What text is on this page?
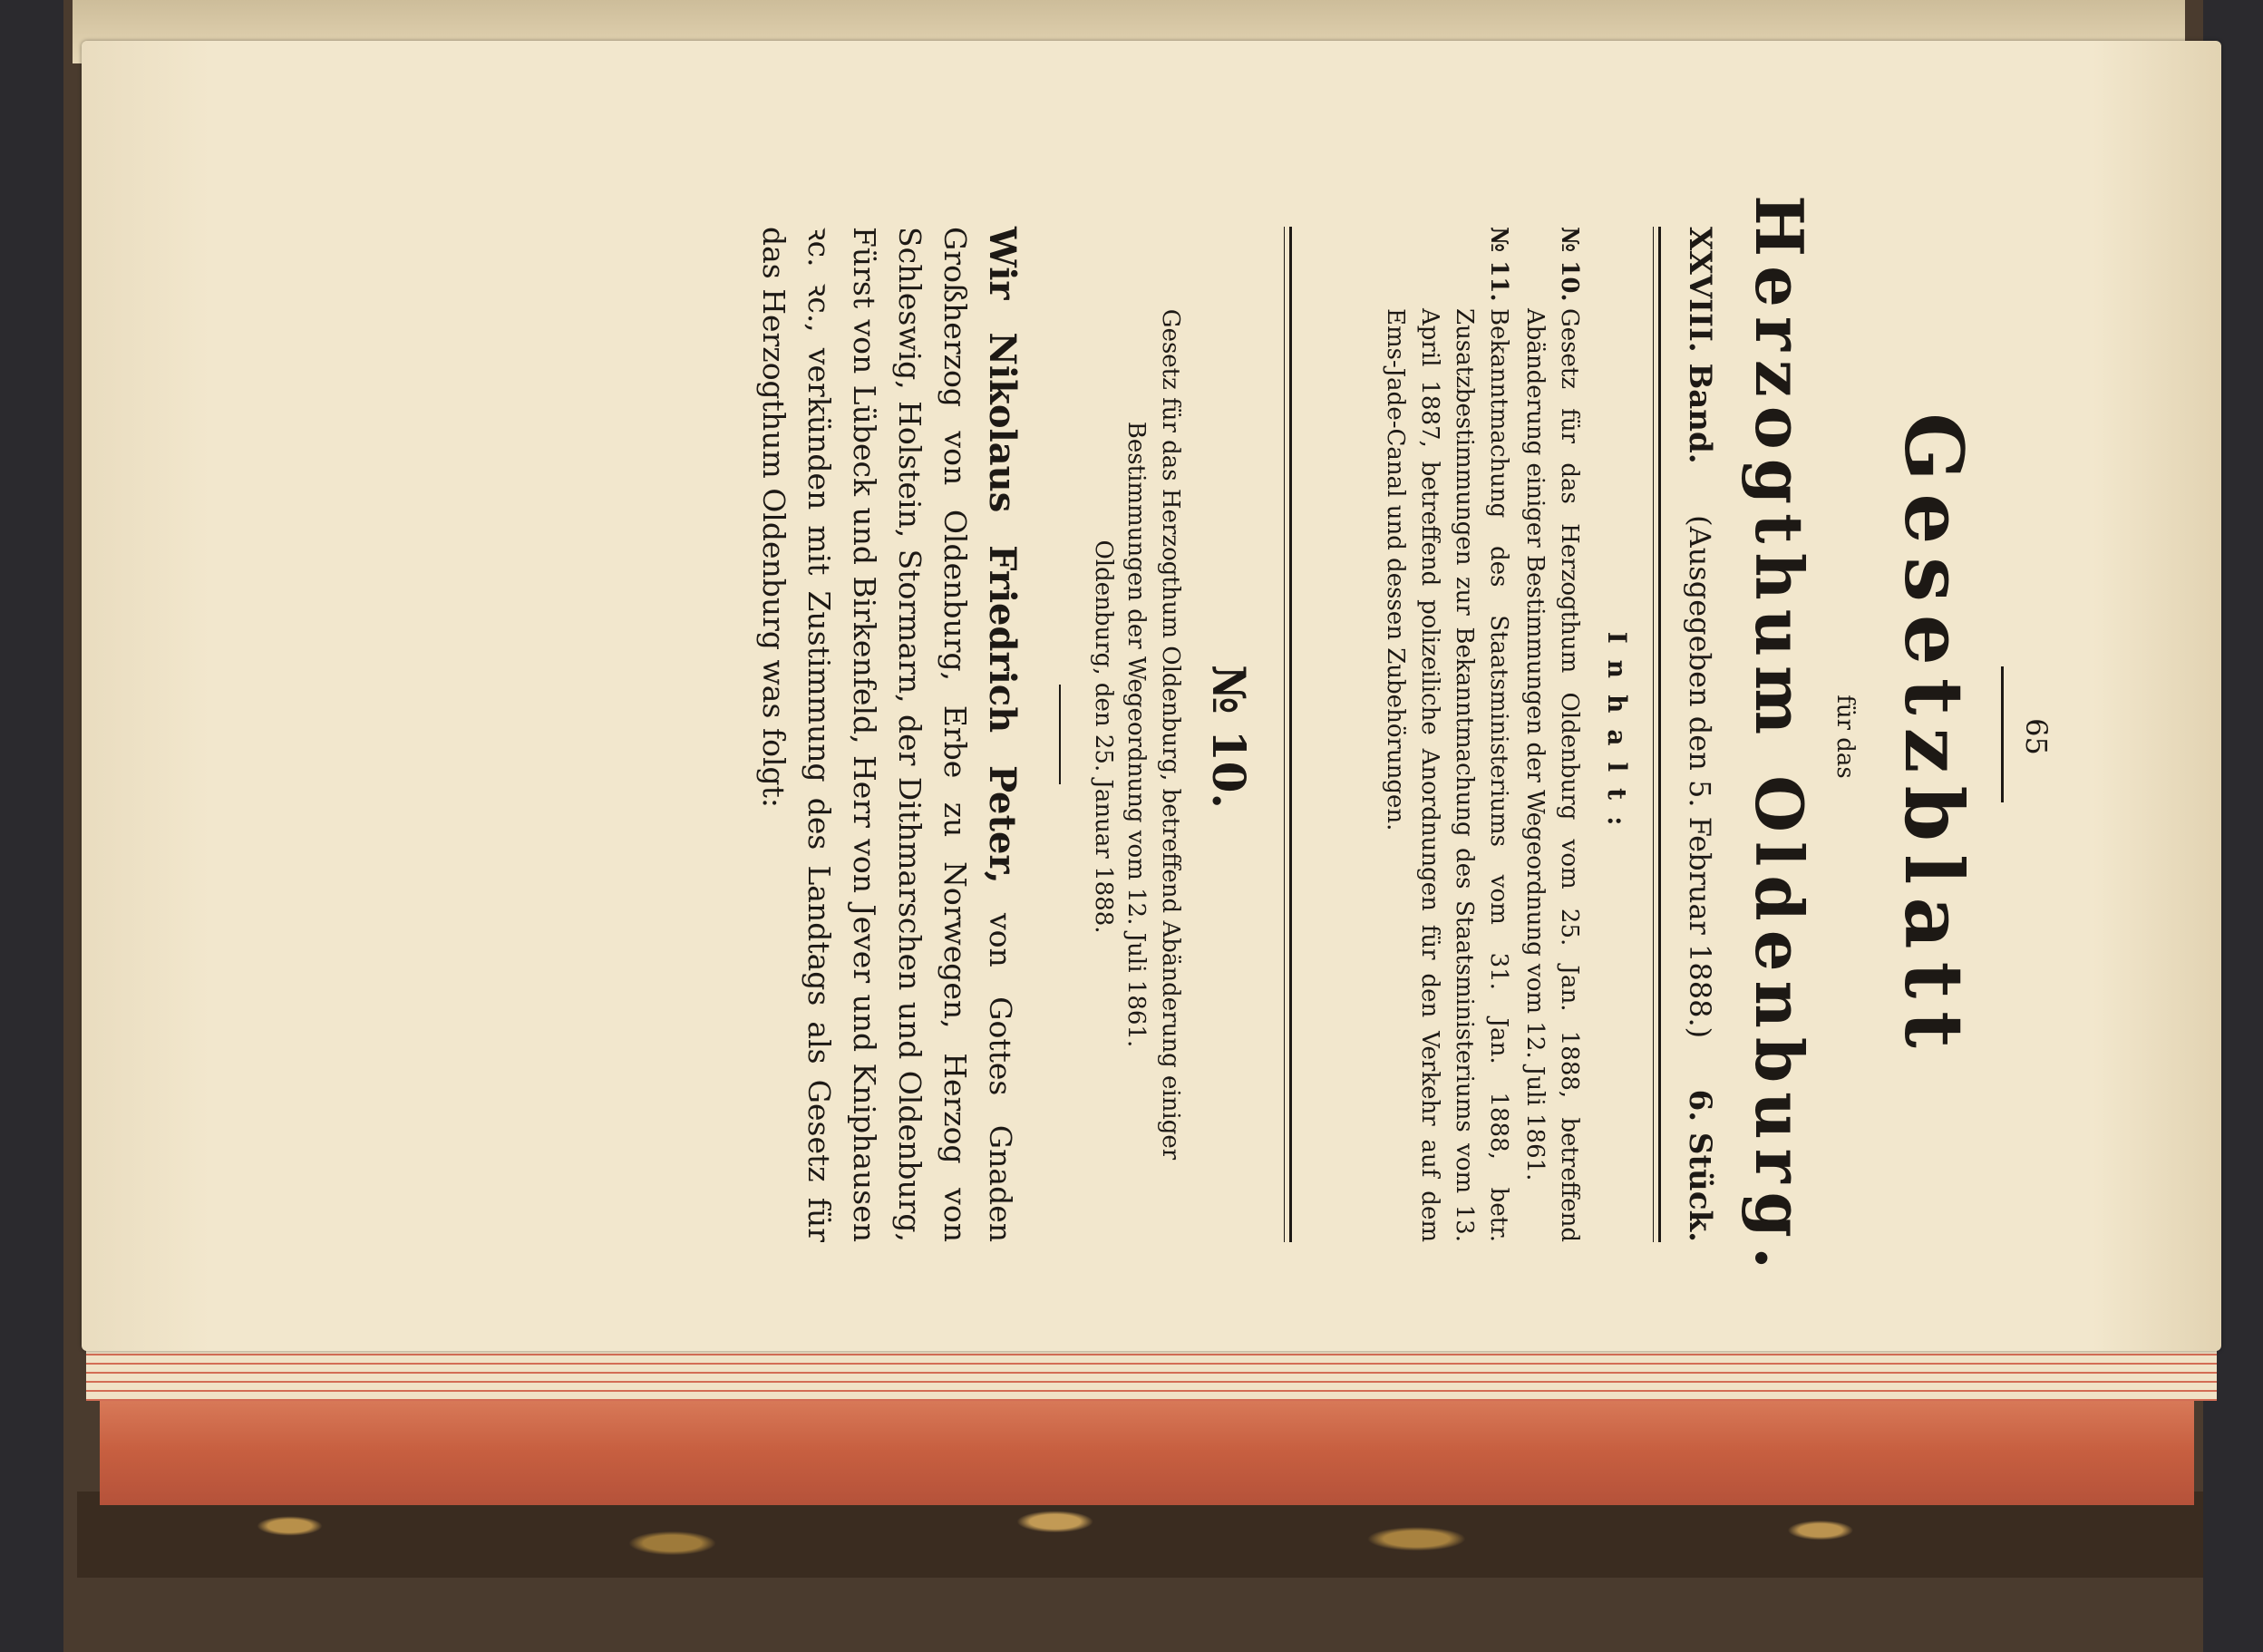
65
Gesetzblatt
für das
Herzogthum Oldenburg.
XXVIII. Band.
(Ausgegeben den 5. Februar 1888.)
6. Stück.
Inhalt:
№ 10.
Gesetz für das Herzogthum Oldenburg vom 25. Jan. 1888, betreffend Abänderung einiger Bestimmungen der Wegeordnung vom 12. Juli 1861.
№ 11.
Bekanntmachung des Staatsministeriums vom 31. Jan. 1888, betr. Zusatzbestimmungen zur Bekanntmachung des Staatsministeriums vom 13. April 1887, betreffend polizeiliche Anordnungen für den Verkehr auf dem Ems-Jade-Canal und dessen Zubehörungen.
№ 10.
Gesetz für das Herzogthum Oldenburg, betreffend Abänderung einiger Bestimmungen der Wegeordnung vom 12. Juli 1861.
Oldenburg, den 25. Januar 1888.
Wir Nikolaus Friedrich Peter, von Gottes Gnaden Großherzog von Oldenburg, Erbe zu Norwegen, Herzog von Schleswig, Holstein, Stormarn, der Dithmarschen und Oldenburg, Fürst von Lübeck und Birkenfeld, Herr von Jever und Kniphausen ꝛc. ꝛc., verkünden mit Zustimmung des Landtags als Gesetz für das Herzogthum Oldenburg was folgt:
